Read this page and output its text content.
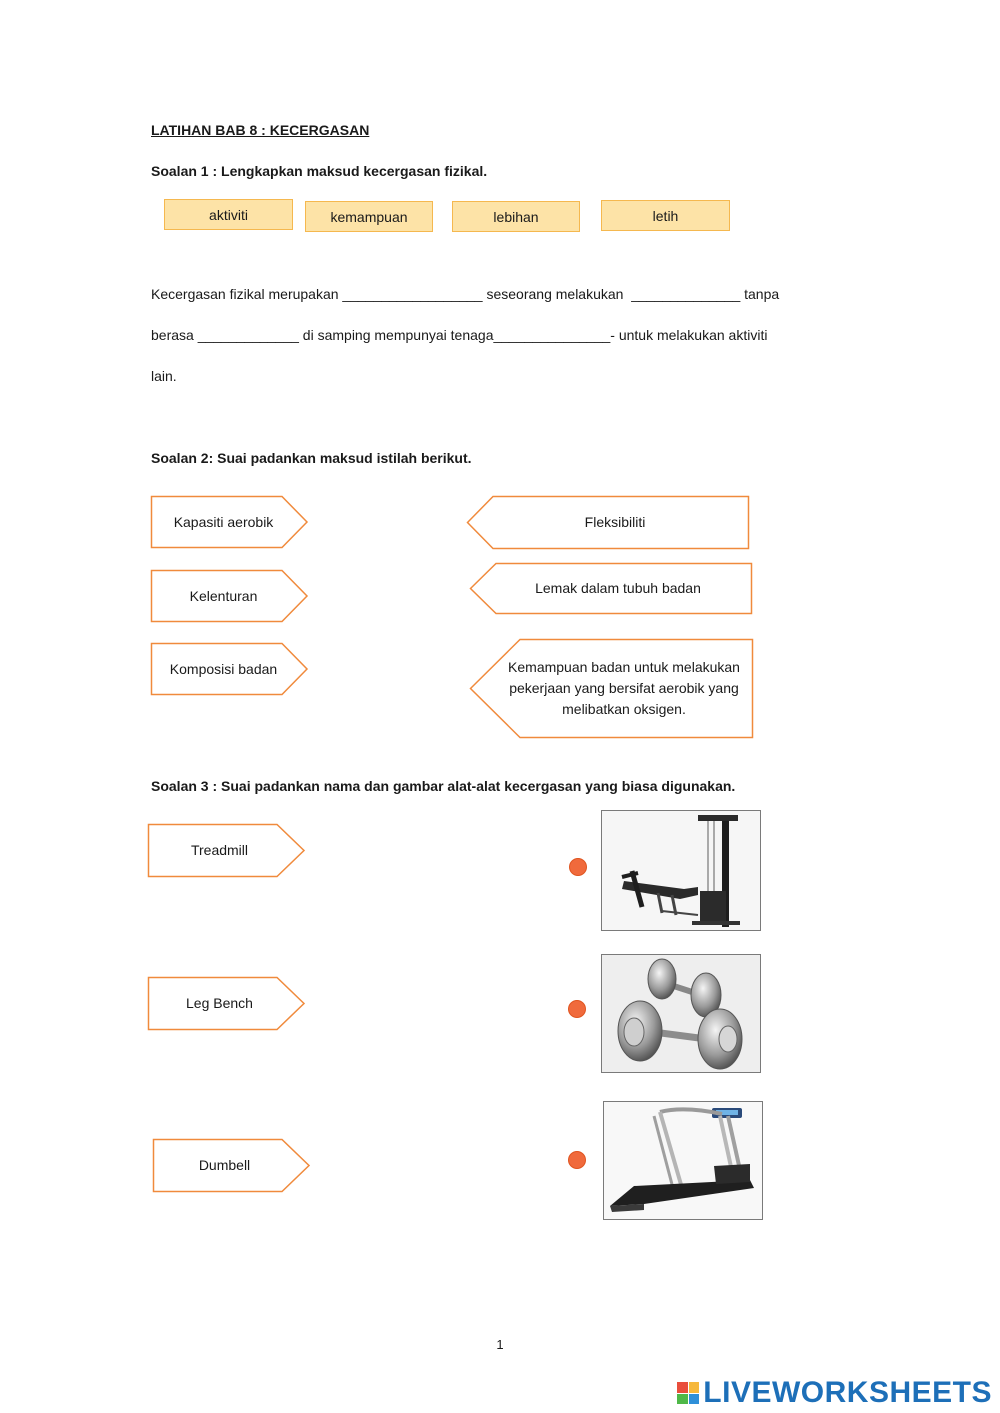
LATIHAN BAB 8 : KECERGASAN
Soalan 1 : Lengkapkan maksud kecergasan fizikal.
aktiviti	kemampuan	lebihan	letih
Kecergasan fizikal merupakan __________________ seseorang melakukan  ______________ tanpa
berasa _____________ di samping mempunyai tenaga_______________- untuk melakukan aktiviti
lain.
Soalan 2: Suai padankan maksud istilah berikut.
Kapasiti aerobik
Kelenturan
Komposisi badan
Fleksibiliti
Lemak dalam tubuh badan
Kemampuan badan untuk melakukan pekerjaan yang bersifat aerobik yang melibatkan oksigen.
Soalan 3 : Suai padankan nama dan gambar alat-alat kecergasan yang biasa digunakan.
Treadmill
Leg Bench
Dumbell
1
LIVEWORKSHEETS
